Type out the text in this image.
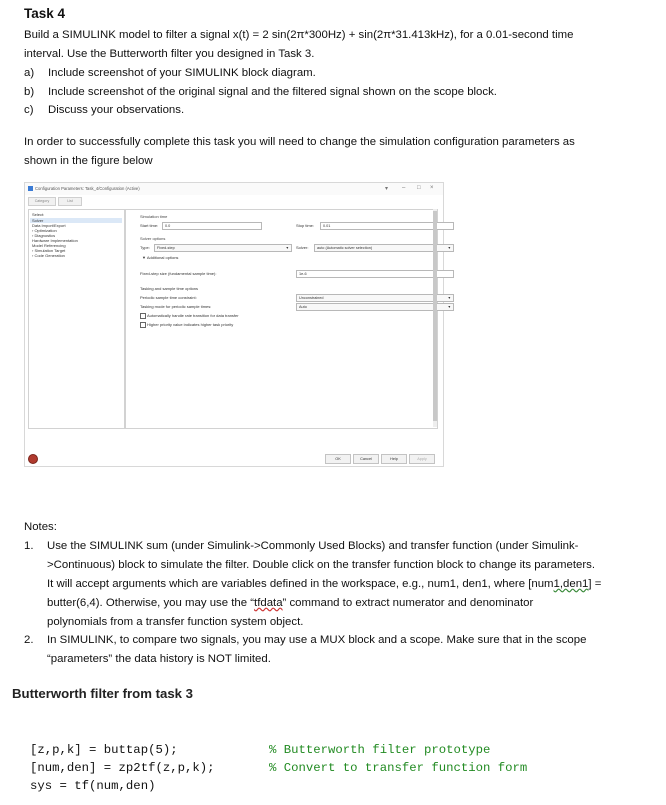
Task 4
Build a SIMULINK model to filter a signal x(t) = 2 sin(2π*300Hz) + sin(2π*31.413kHz), for a 0.01-second time
interval. Use the Butterworth filter you designed in Task 3.
a) Include screenshot of your SIMULINK block diagram.
b) Include screenshot of the original signal and the filtered signal shown on the scope block.
c) Discuss your observations.
In order to successfully complete this task you will need to change the simulation configuration parameters as
shown in the figure below
Configuration Parameters: Task_4/Configuration (Active)	▾ – □ ×
Category	List
Select:
Solver
Data Import/Export
› Optimization
› Diagnostics
Hardware Implementation
Model Referencing
› Simulation Target
› Code Generation
Simulation time
Start time:	0.0	Stop time:	0.01
Solver options
Type:	Fixed-step	▼ Solver:	auto (Automatic solver selection)	▼
▼ Additional options
Fixed-step size (fundamental sample time):	1e-6
Tasking and sample time options
Periodic sample time constraint:	Unconstrained	▼
Tasking mode for periodic sample times:	Auto	▼
Automatically handle rate transition for data transfer
Higher priority value indicates higher task priority
OK	Cancel	Help	Apply
Notes:
1. Use the SIMULINK sum (under Simulink->Commonly Used Blocks) and transfer function (under Simulink-
>Continuous) block to simulate the filter. Double click on the transfer function block to change its parameters.
It will accept arguments which are variables defined in the workspace, e.g., num1, den1, where [num1,den1] =
butter(6,4). Otherwise, you may use the “tfdata” command to extract numerator and denominator
polynomials from a transfer function system object.
2. In SIMULINK, to compare two signals, you may use a MUX block and a scope. Make sure that in the scope
“parameters” the data history is NOT limited.
Butterworth filter from task 3
[z,p,k] = buttap(5);	% Butterworth filter prototype
[num,den] = zp2tf(z,p,k);	% Convert to transfer function form
sys = tf(num,den)
